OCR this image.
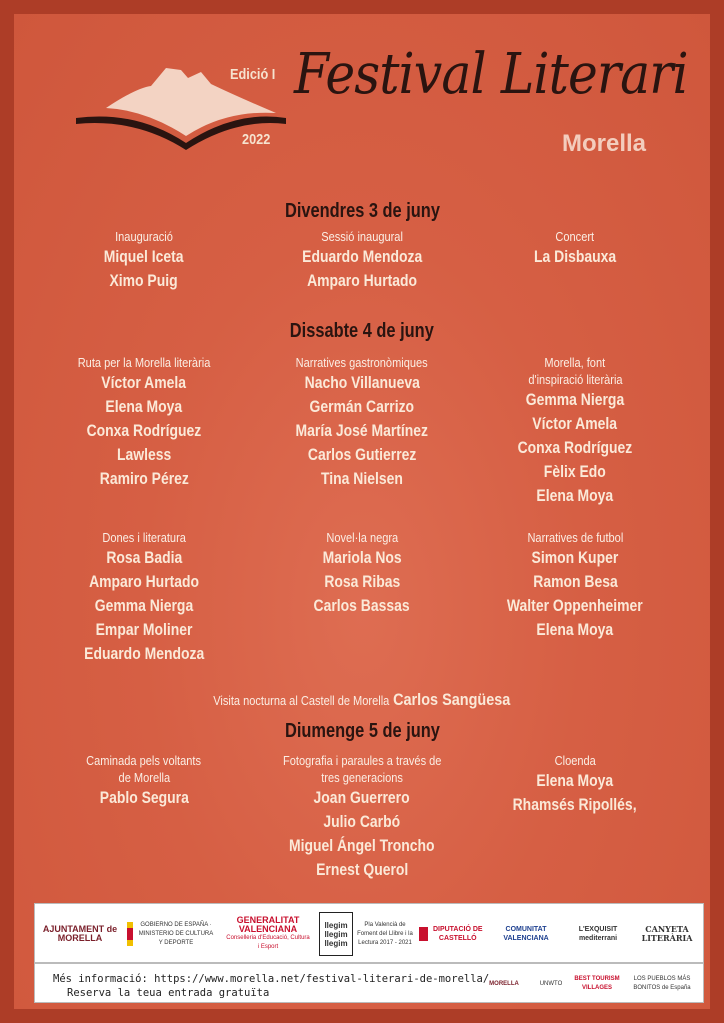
Edició I
2022
Festival Literari
Morella
Divendres 3 de juny
Inauguració
Miquel Iceta
Ximo Puig
Sessió inaugural
Eduardo Mendoza
Amparo Hurtado
Concert
La Disbauxa
Dissabte 4 de juny
Ruta per la Morella literària
Víctor Amela
Elena Moya
Conxa Rodríguez
Lawless
Ramiro Pérez
Narratives gastronòmiques
Nacho Villanueva
Germán Carrizo
María José Martínez
Carlos Gutierrez
Tina Nielsen
Morella, font
d'inspiració literària
Gemma Nierga
Víctor Amela
Conxa Rodríguez
Fèlix Edo
Elena Moya
Dones i literatura
Rosa Badia
Amparo Hurtado
Gemma Nierga
Empar Moliner
Eduardo Mendoza
Novel·la negra
Mariola Nos
Rosa Ribas
Carlos Bassas
Narratives de futbol
Simon Kuper
Ramon Besa
Walter Oppenheimer
Elena Moya
Visita nocturna al Castell de Morella Carlos Sangüesa
Diumenge 5 de juny
Caminada pels voltants
de Morella
Pablo Segura
Fotografia i paraules a través de
tres generacions
Joan Guerrero
Julio Carbó
Miguel Ángel Troncho
Ernest Querol
Cloenda
Elena Moya
Rhamsés Ripollés,
AJUNTAMENT de MORELLA
GOBIERNO DE ESPAÑA · MINISTERIO DE CULTURA Y DEPORTE
GENERALITAT VALENCIANA
Conselleria d'Educació, Cultura i Esport
llegim llegim llegim
Pla Valencià de Foment del Llibre i la Lectura 2017 - 2021
DIPUTACIÓ DE CASTELLÓ
COMUNITAT VALENCIANA
L'EXQUISIT mediterrani
CANYETA LITERÀRIA
Més informació: https://www.morella.net/festival-literari-de-morella/
Reserva la teua entrada gratuïta
MORELLA	UNWTO
BEST TOURISM VILLAGES
LOS PUEBLOS MÁS BONITOS de España
